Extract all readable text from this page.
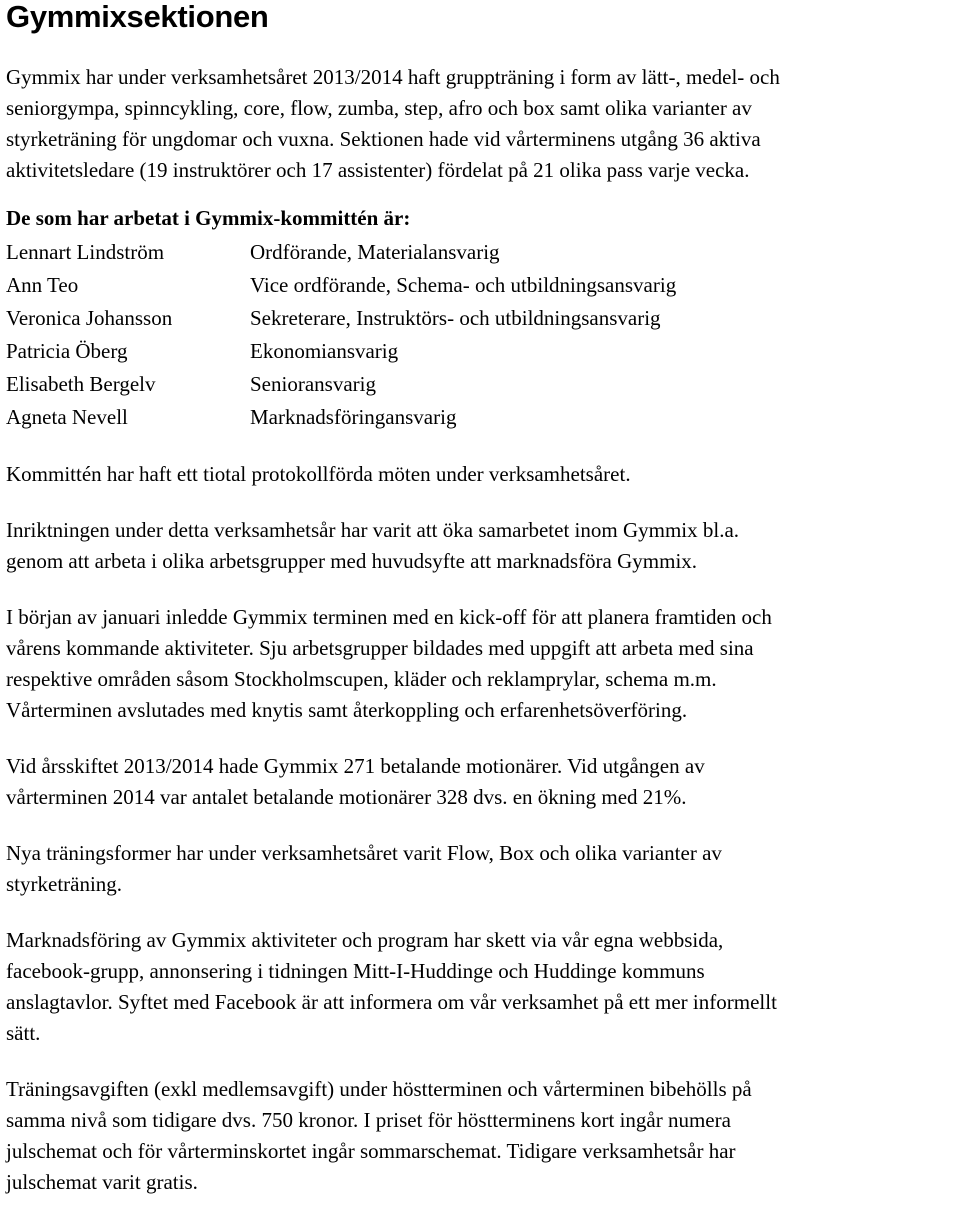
Gymmixsektionen

Gymmix har under verksamhetsåret 2013/2014 haft gruppträning i form av lätt-, medel- och
seniorgympa, spinncykling, core, flow, zumba, step, afro och box samt olika varianter av
styrketräning för ungdomar och vuxna. Sektionen hade vid vårterminens utgång 36 aktiva
aktivitetsledare (19 instruktörer och 17 assistenter) fördelat på 21 olika pass varje vecka.

De som har arbetat i Gymmix-kommittén är:

Lennart Lindström	Ordförande, Materialansvarig
Ann Teo	Vice ordförande, Schema- och utbildningsansvarig
Veronica Johansson	Sekreterare, Instruktörs- och utbildningsansvarig
Patricia Öberg	Ekonomiansvarig
Elisabeth Bergelv	Senioransvarig
Agneta Nevell	Marknadsföringansvarig

Kommittén har haft ett tiotal protokollförda möten under verksamhetsåret.

Inriktningen under detta verksamhetsår har varit att öka samarbetet inom Gymmix bl.a.
genom att arbeta i olika arbetsgrupper med huvudsyfte att marknadsföra Gymmix.

I början av januari inledde Gymmix terminen med en kick-off för att planera framtiden och
vårens kommande aktiviteter. Sju arbetsgrupper bildades med uppgift att arbeta med sina
respektive områden såsom Stockholmscupen, kläder och reklamprylar, schema m.m.
Vårterminen avslutades med knytis samt återkoppling och erfarenhetsöverföring.

Vid årsskiftet 2013/2014 hade Gymmix 271 betalande motionärer. Vid utgången av
vårterminen 2014 var antalet betalande motionärer 328 dvs. en ökning med 21%.

Nya träningsformer har under verksamhetsåret varit Flow, Box och olika varianter av
styrketräning.

Marknadsföring av Gymmix aktiviteter och program har skett via vår egna webbsida,
facebook-grupp, annonsering i tidningen Mitt-I-Huddinge och Huddinge kommuns
anslagtavlor. Syftet med Facebook är att informera om vår verksamhet på ett mer informellt
sätt.

Träningsavgiften (exkl medlemsavgift) under höstterminen och vårterminen bibehölls på
samma nivå som tidigare dvs. 750 kronor. I priset för höstterminens kort ingår numera
julschemat och för vårterminskortet ingår sommarschemat. Tidigare verksamhetsår har
julschemat varit gratis.
